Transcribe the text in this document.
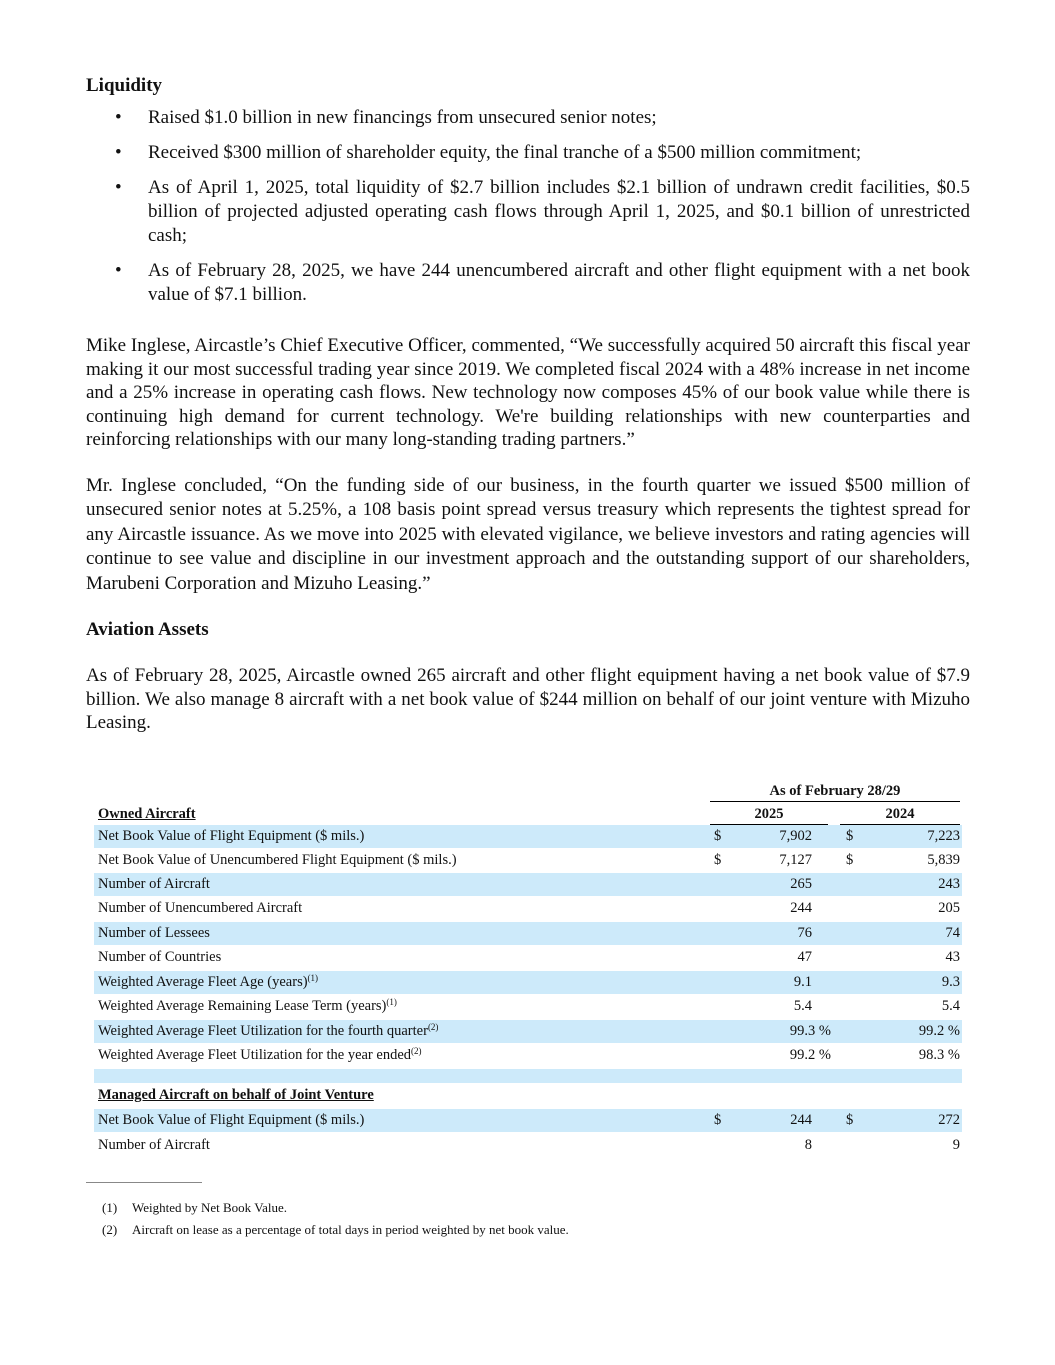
Liquidity
• Raised $1.0 billion in new financings from unsecured senior notes;
• Received $300 million of shareholder equity, the final tranche of a $500 million commitment;
• As of April 1, 2025, total liquidity of $2.7 billion includes $2.1 billion of undrawn credit facilities, $0.5 billion of projected adjusted operating cash flows through April 1, 2025, and $0.1 billion of unrestricted cash;
• As of February 28, 2025, we have 244 unencumbered aircraft and other flight equipment with a net book value of $7.1 billion.

Mike Inglese, Aircastle’s Chief Executive Officer, commented, “We successfully acquired 50 aircraft this fiscal year making it our most successful trading year since 2019. We completed fiscal 2024 with a 48% increase in net income and a 25% increase in operating cash flows. New technology now composes 45% of our book value while there is continuing high demand for current technology. We're building relationships with new counterparties and reinforcing relationships with our many long-standing trading partners.”

Mr. Inglese concluded, “On the funding side of our business, in the fourth quarter we issued $500 million of unsecured senior notes at 5.25%, a 108 basis point spread versus treasury which represents the tightest spread for any Aircastle issuance. As we move into 2025 with elevated vigilance, we believe investors and rating agencies will continue to see value and discipline in our investment approach and the outstanding support of our shareholders, Marubeni Corporation and Mizuho Leasing.”

Aviation Assets

As of February 28, 2025, Aircastle owned 265 aircraft and other flight equipment having a net book value of $7.9 billion. We also manage 8 aircraft with a net book value of $244 million on behalf of our joint venture with Mizuho Leasing.

As of February 28/29
2025	2024
Owned Aircraft
Net Book Value of Flight Equipment ($ mils.)	$	7,902 $	7,223
Net Book Value of Unencumbered Flight Equipment ($ mils.)	$	7,127 $	5,839
Number of Aircraft	265	243
Number of Unencumbered Aircraft	244	205
Number of Lessees	76	74
Number of Countries	47	43
Weighted Average Fleet Age (years)$^{(1)}$	9.1	9.3
Weighted Average Remaining Lease Term (years)$^{(1)}$	5.4	5.4
Weighted Average Fleet Utilization for the fourth quarter$^{(2)}$	99.3 %	99.2 %
Weighted Average Fleet Utilization for the year ended$^{(2)}$	99.2 %	98.3 %
Managed Aircraft on behalf of Joint Venture
Net Book Value of Flight Equipment ($ mils.)	$	244 $	272
Number of Aircraft	8	9
(1) Weighted by Net Book Value.
(2) Aircraft on lease as a percentage of total days in period weighted by net book value.
